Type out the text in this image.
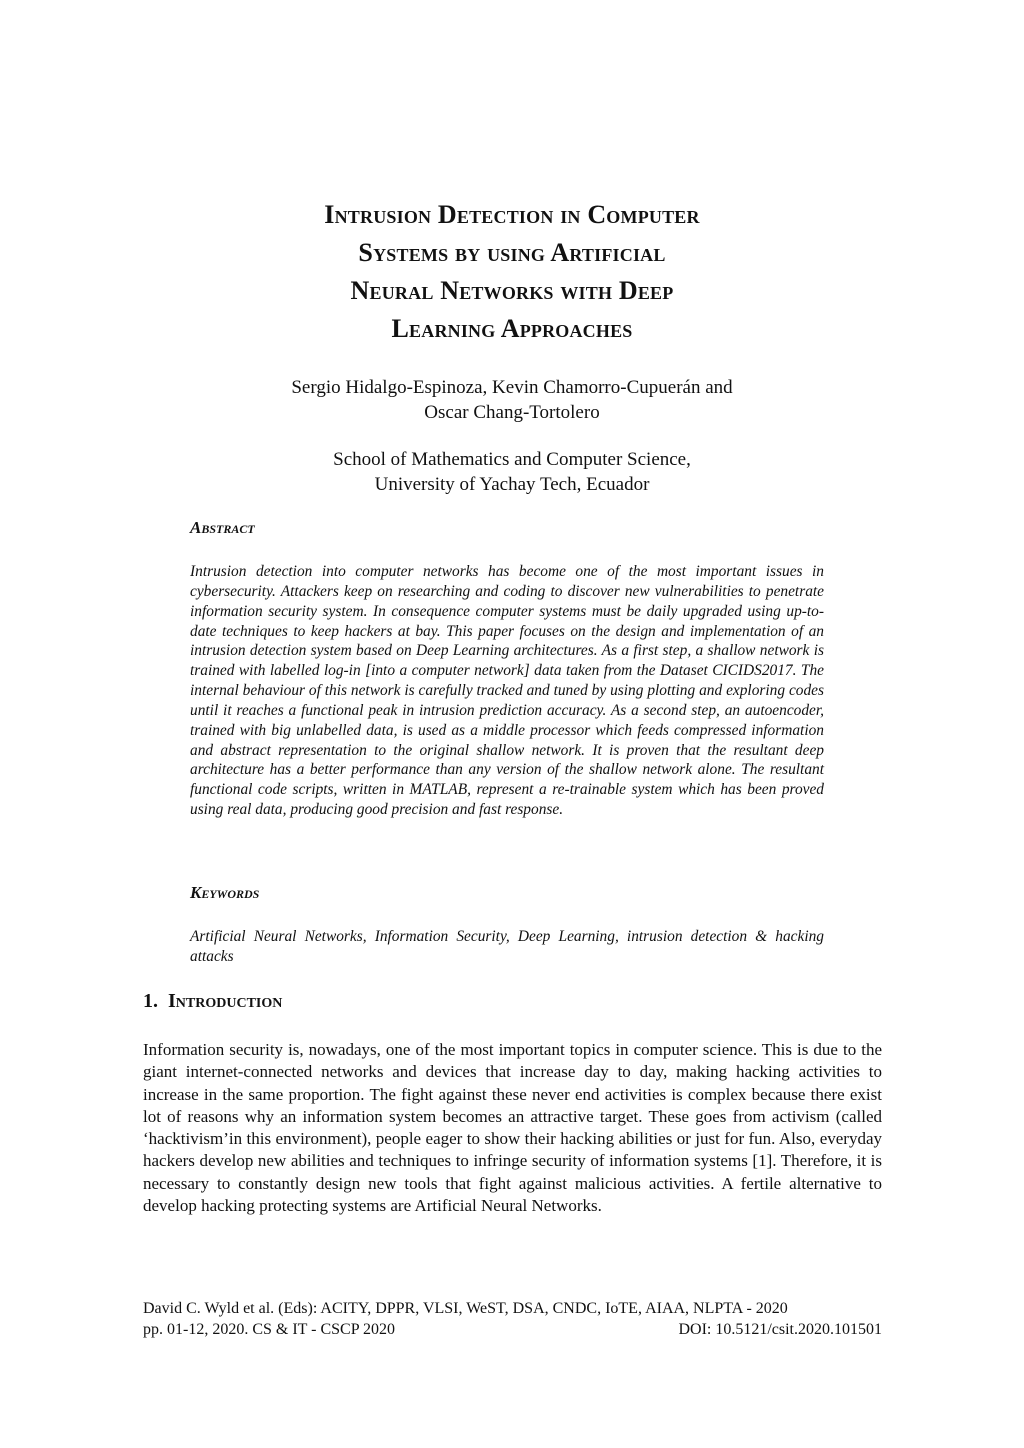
Intrusion Detection in Computer
Systems by using Artificial
Neural Networks with Deep
Learning Approaches
Sergio Hidalgo-Espinoza, Kevin Chamorro-Cupuerán and
Oscar Chang-Tortolero
School of Mathematics and Computer Science,
University of Yachay Tech, Ecuador
Abstract

Intrusion detection into computer networks has become one of the most important issues in cybersecurity. Attackers keep on researching and coding to discover new vulnerabilities to penetrate information security system. In consequence computer systems must be daily upgraded using up-to-date techniques to keep hackers at bay. This paper focuses on the design and implementation of an intrusion detection system based on Deep Learning architectures. As a first step, a shallow network is trained with labelled log-in [into a computer network] data taken from the Dataset CICIDS2017. The internal behaviour of this network is carefully tracked and tuned by using plotting and exploring codes until it reaches a functional peak in intrusion prediction accuracy. As a second step, an autoencoder, trained with big unlabelled data, is used as a middle processor which feeds compressed information and abstract representation to the original shallow network. It is proven that the resultant deep architecture has a better performance than any version of the shallow network alone. The resultant functional code scripts, written in MATLAB, represent a re-trainable system which has been proved using real data, producing good precision and fast response.

Keywords

Artificial Neural Networks, Information Security, Deep Learning, intrusion detection & hacking attacks

1. Introduction

Information security is, nowadays, one of the most important topics in computer science. This is due to the giant internet-connected networks and devices that increase day to day, making hacking activities to increase in the same proportion. The fight against these never end activities is complex because there exist lot of reasons why an information system becomes an attractive target. These goes from activism (called ‘hacktivism’in this environment), people eager to show their hacking abilities or just for fun. Also, everyday hackers develop new abilities and techniques to infringe security of information systems [1]. Therefore, it is necessary to constantly design new tools that fight against malicious activities. A fertile alternative to develop hacking protecting systems are Artificial Neural Networks.

David C. Wyld et al. (Eds): ACITY, DPPR, VLSI, WeST, DSA, CNDC, IoTE, AIAA, NLPTA - 2020
pp. 01-12, 2020. CS & IT - CSCP 2020	DOI: 10.5121/csit.2020.101501
